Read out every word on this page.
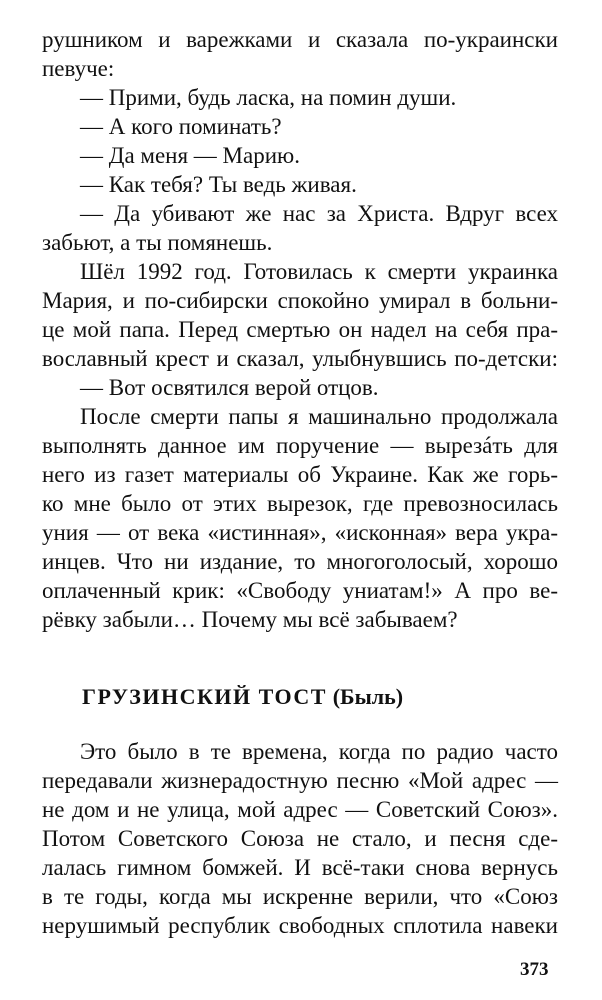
рушником и варежками и сказала по-украински
певуче:
— Прими, будь ласка, на помин души.
— А кого поминать?
— Да меня — Марию.
— Как тебя? Ты ведь живая.
— Да убивают же нас за Христа. Вдруг всех
забьют, а ты помянешь.
Шёл 1992 год. Готовилась к смерти украинка
Мария, и по-сибирски спокойно умирал в больни-
це мой папа. Перед смертью он надел на себя пра-
вославный крест и сказал, улыбнувшись по-детски:
— Вот освятился верой отцов.
После смерти папы я машинально продолжала
выполнять данное им поручение — вырезáть для
него из газет материалы об Украине. Как же горь-
ко мне было от этих вырезок, где превозносилась
уния — от века «истинная», «исконная» вера укра-
инцев. Что ни издание, то многоголосый, хорошо
оплаченный крик: «Свободу униатам!» А про ве-
рёвку забыли… Почему мы всё забываем?
ГРУЗИНСКИЙ ТОСТ (Быль)
Это было в те времена, когда по радио часто
передавали жизнерадостную песню «Мой адрес —
не дом и не улица, мой адрес — Советский Союз».
Потом Советского Союза не стало, и песня сде-
лалась гимном бомжей. И всё-таки снова вернусь
в те годы, когда мы искренне верили, что «Союз
нерушимый республик свободных сплотила навеки
373
